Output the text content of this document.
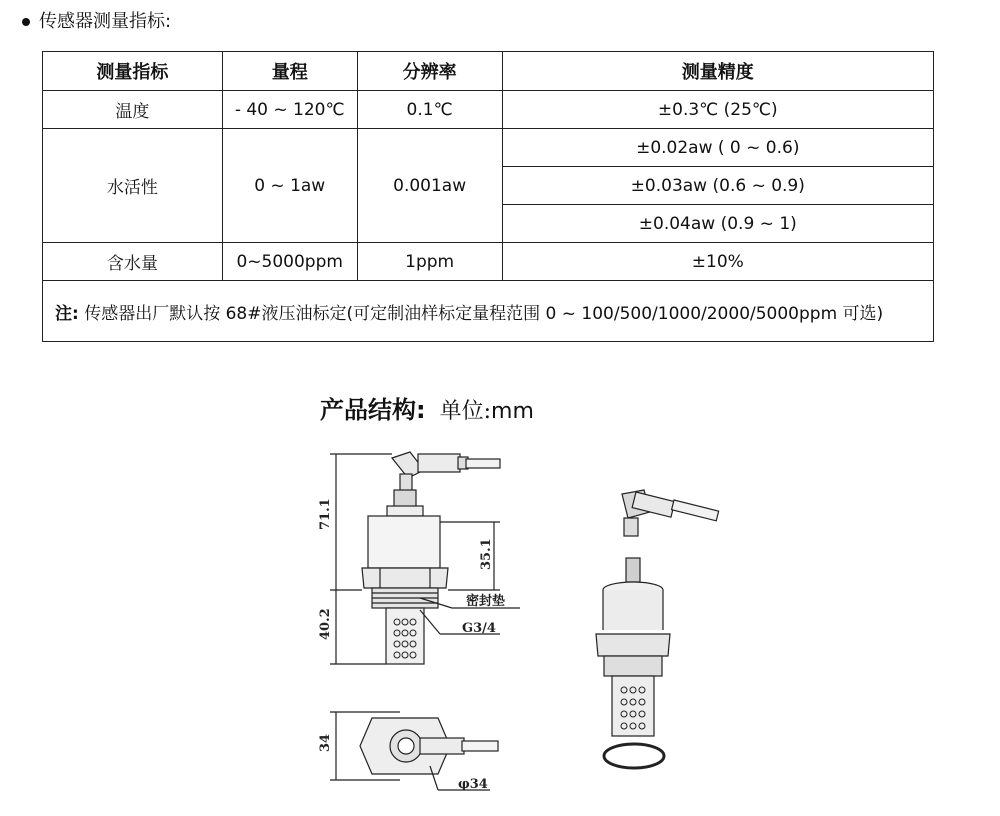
传感器测量指标:
测量指标	量程	分辨率	测量精度
温度	- 40 ~ 120℃	0.1℃	±0.3℃ (25℃)
水活性	0 ~ 1aw	0.001aw	±0.02aw ( 0 ~ 0.6)
			±0.03aw (0.6 ~ 0.9)
			±0.04aw (0.9 ~ 1)
含水量	0~5000ppm	1ppm	±10%
注: 传感器出厂默认按 68#液压油标定(可定制油样标定量程范围 0 ~ 100/500/1000/2000/5000ppm 可选)			
产品结构: 单位:mm
71.1
35.1
40.2
34
密封垫
G3/4
φ34
